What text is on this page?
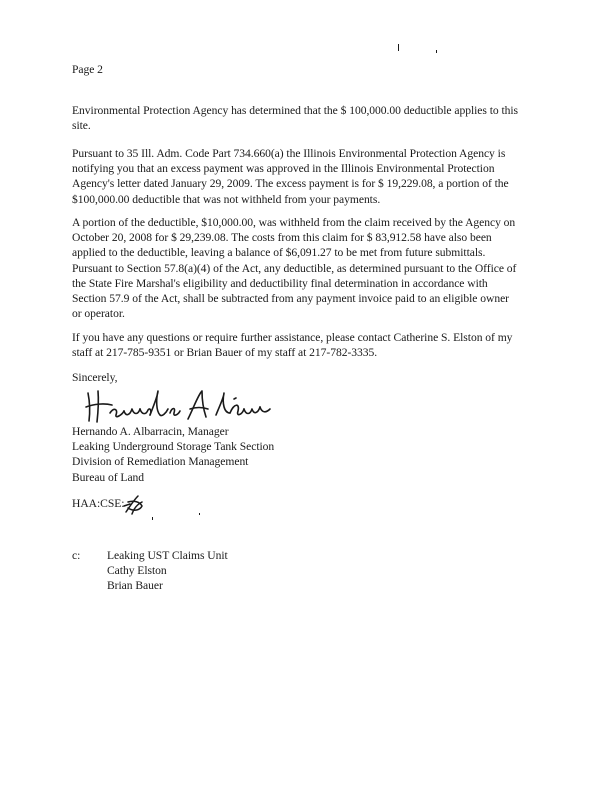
Page 2
Environmental Protection Agency has determined that the $ 100,000.00 deductible applies to this
site.
Pursuant to 35 Ill. Adm. Code Part 734.660(a) the Illinois Environmental Protection Agency is
notifying you that an excess payment was approved in the Illinois Environmental Protection
Agency's letter dated January 29, 2009. The excess payment is for $ 19,229.08, a portion of the
$100,000.00 deductible that was not withheld from your payments.
A portion of the deductible, $10,000.00, was withheld from the claim received by the Agency on
October 20, 2008 for $ 29,239.08. The costs from this claim for $ 83,912.58 have also been
applied to the deductible, leaving a balance of $6,091.27 to be met from future submittals.
Pursuant to Section 57.8(a)(4) of the Act, any deductible, as determined pursuant to the Office of
the State Fire Marshal's eligibility and deductibility final determination in accordance with
Section 57.9 of the Act, shall be subtracted from any payment invoice paid to an eligible owner
or operator.
If you have any questions or require further assistance, please contact Catherine S. Elston of my
staff at 217-785-9351 or Brian Bauer of my staff at 217-782-3335.
Sincerely,
Hernando A. Albarracin, Manager
Leaking Underground Storage Tank Section
Division of Remediation Management
Bureau of Land
HAA:CSE:
c: Leaking UST Claims Unit
Cathy Elston
Brian Bauer
